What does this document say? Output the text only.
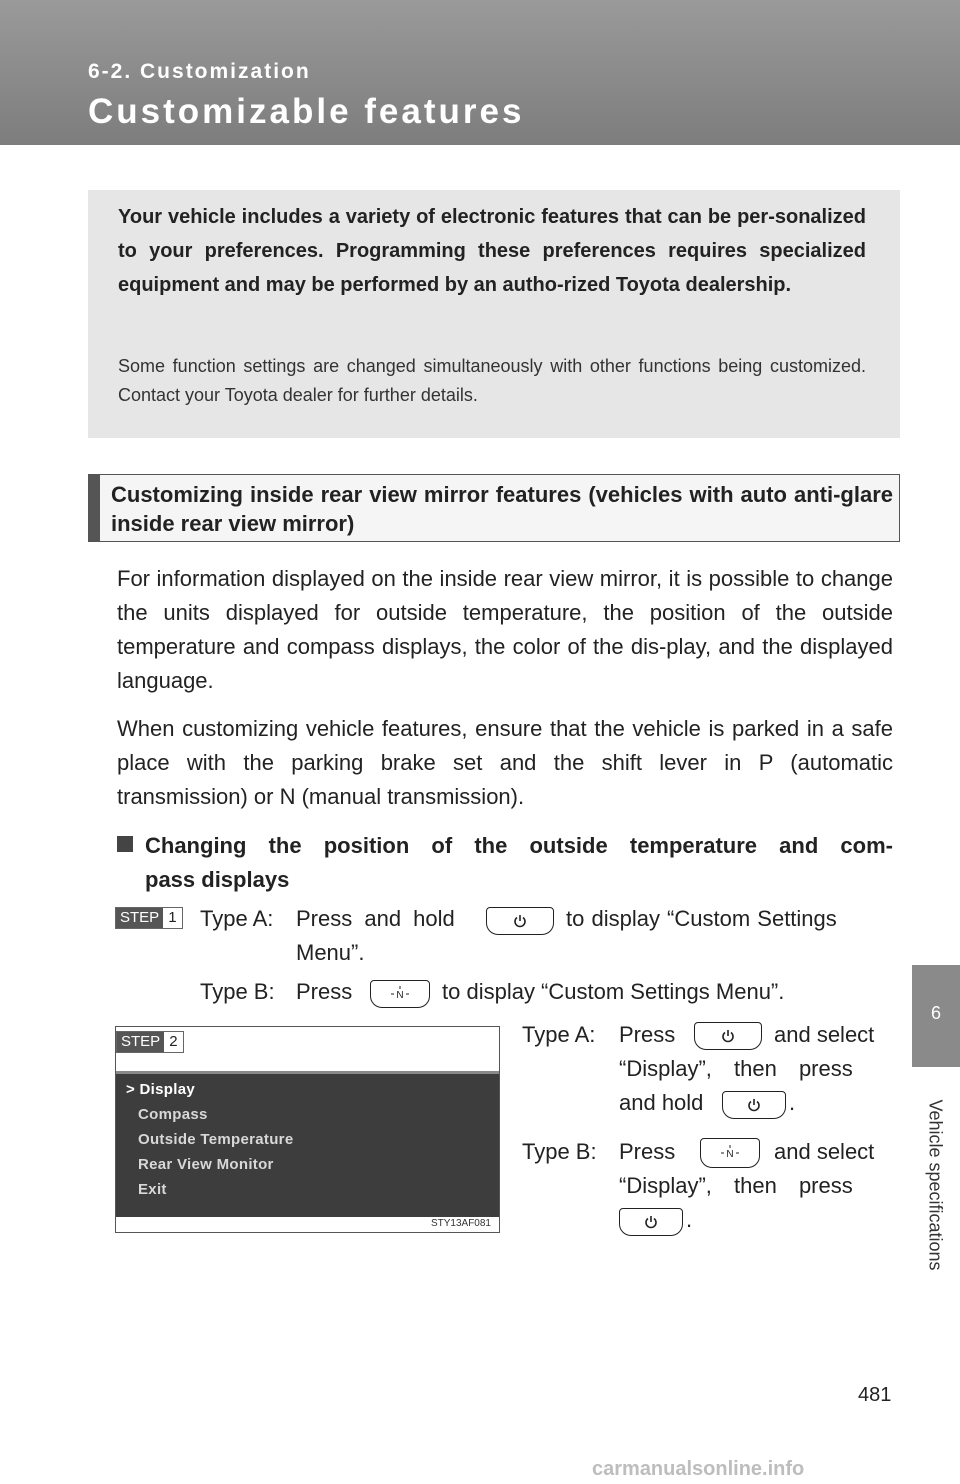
6-2. Customization
Customizable features
Your vehicle includes a variety of electronic features that can be per-sonalized to your preferences. Programming these preferences requires specialized equipment and may be performed by an autho-rized Toyota dealership.
Some function settings are changed simultaneously with other functions being customized. Contact your Toyota dealer for further details.
Customizing inside rear view mirror features (vehicles with auto anti-glare inside rear view mirror)
For information displayed on the inside rear view mirror, it is possible to change the units displayed for outside temperature, the position of the outside temperature and compass displays, the color of the dis-play, and the displayed language.
When customizing vehicle features, ensure that the vehicle is parked in a safe place with the parking brake set and the shift lever in P (automatic transmission) or N (manual transmission).
Changing the position of the outside temperature and com-
pass displays
STEP 1 Type A: Press and hold	to display “Custom Settings
Menu”.
Type B: Press	N to display “Custom Settings Menu”.
STEP 2
> Display
Compass
Outside Temperature
Rear View Monitor
Exit
STY13AF081
Type A: Press	and select
“Display”, then press
and hold	.
Type B: Press	N and select
“Display”, then press
.
6
Vehicle specifications
481
carmanualsonline.info
